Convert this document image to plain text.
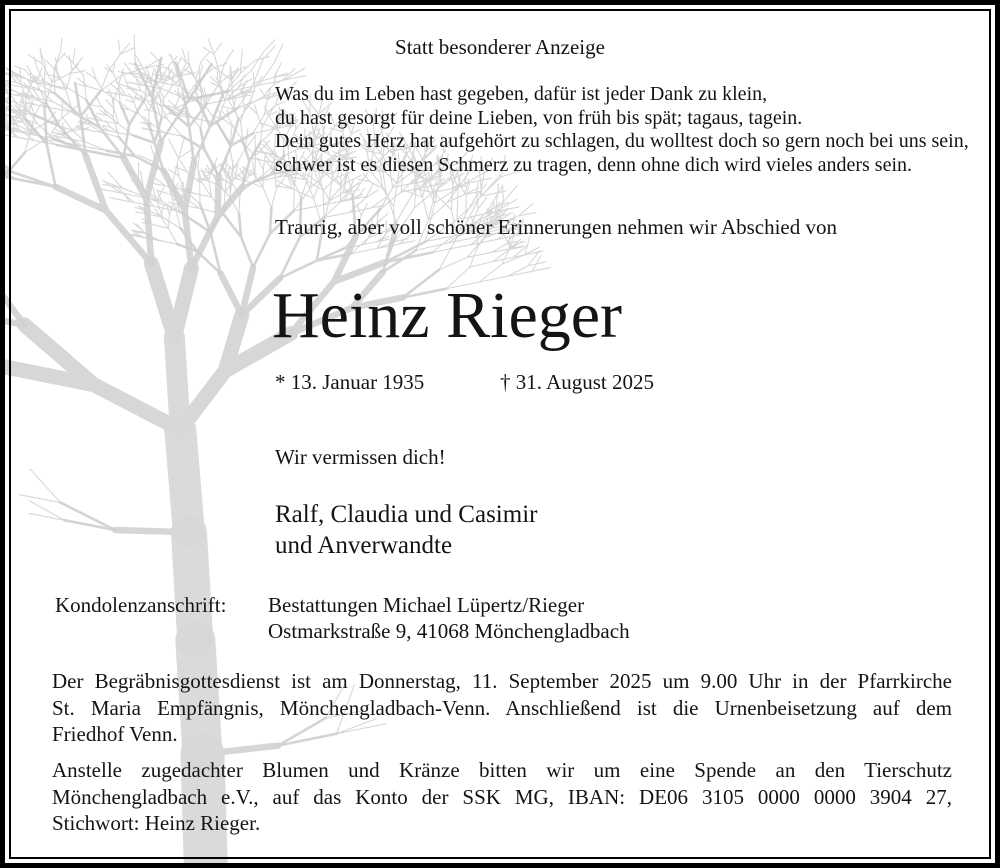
Statt besonderer Anzeige
Was du im Leben hast gegeben, dafür ist jeder Dank zu klein,
du hast gesorgt für deine Lieben, von früh bis spät; tagaus, tagein.
Dein gutes Herz hat aufgehört zu schlagen, du wolltest doch so gern noch bei uns sein,
schwer ist es diesen Schmerz zu tragen, denn ohne dich wird vieles anders sein.
Traurig, aber voll schöner Erinnerungen nehmen wir Abschied von
Heinz Rieger
* 13. Januar 1935	† 31. August 2025
Wir vermissen dich!
Ralf, Claudia und Casimir
und Anverwandte
Kondolenzanschrift: Bestattungen Michael Lüpertz/Rieger
Ostmarkstraße 9, 41068 Mönchengladbach
Der Begräbnisgottesdienst ist am Donnerstag, 11. September 2025 um 9.00 Uhr in der Pfarrkirche
St. Maria Empfängnis, Mönchengladbach-Venn. Anschließend ist die Urnenbeisetzung auf dem
Friedhof Venn.
Anstelle zugedachter Blumen und Kränze bitten wir um eine Spende an den Tierschutz
Mönchengladbach e.V., auf das Konto der SSK MG, IBAN: DE06 3105 0000 0000 3904 27,
Stichwort: Heinz Rieger.
